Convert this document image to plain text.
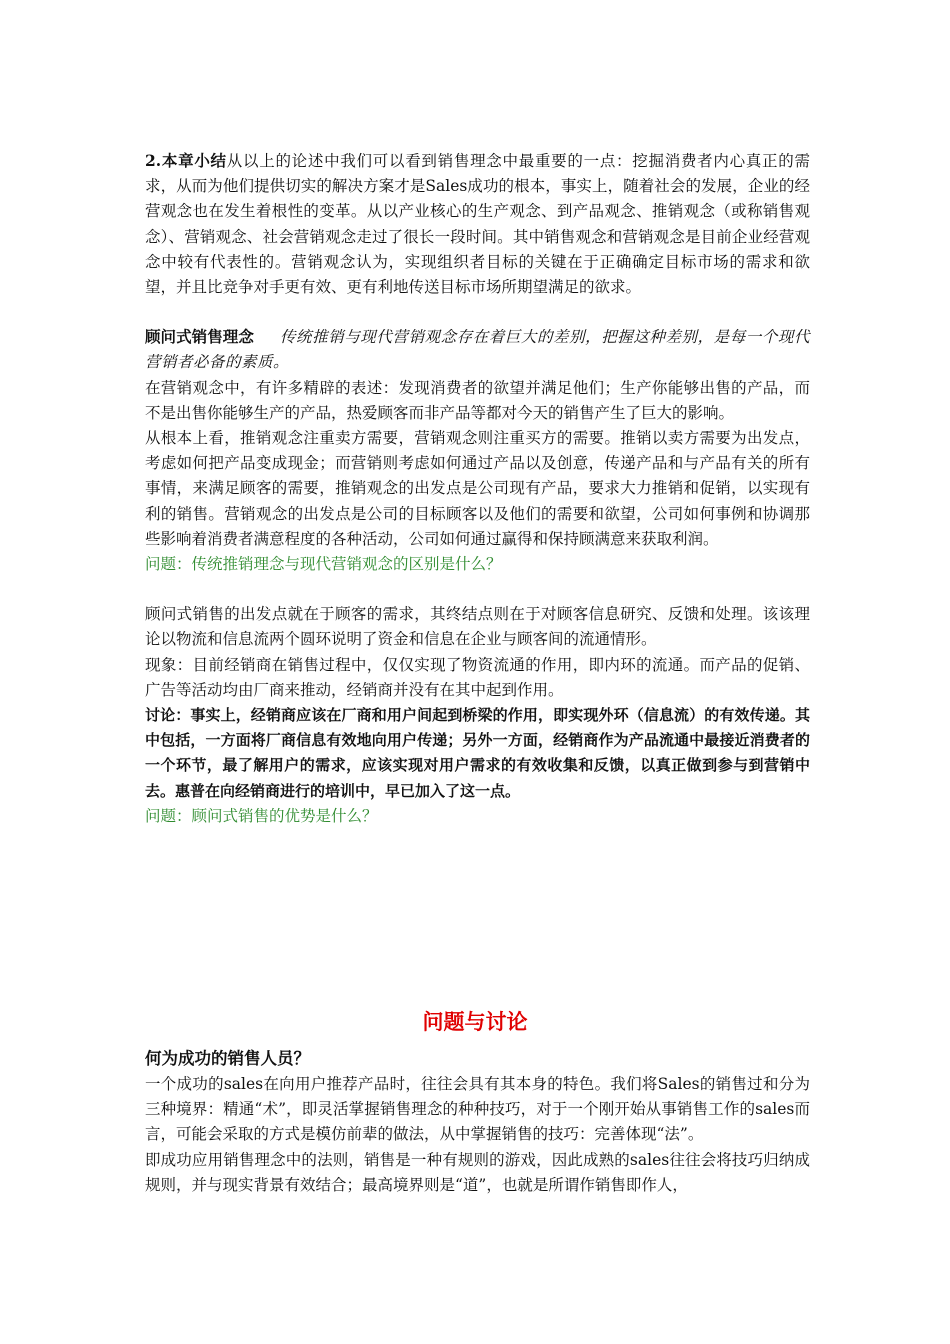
2.本章小结从以上的论述中我们可以看到销售理念中最重要的一点：挖掘消费者内心真正的需求，从而为他们提供切实的解决方案才是Sales成功的根本，事实上，随着社会的发展，企业的经营观念也在发生着根性的变革。从以产业核心的生产观念、到产品观念、推销观念（或称销售观念）、营销观念、社会营销观念走过了很长一段时间。其中销售观念和营销观念是目前企业经营观念中较有代表性的。营销观念认为，实现组织者目标的关键在于正确确定目标市场的需求和欲望，并且比竞争对手更有效、更有利地传送目标市场所期望满足的欲求。

顾问式销售理念 传统推销与现代营销观念存在着巨大的差别，把握这种差别，是每一个现代营销者必备的素质。

在营销观念中，有许多精辟的表述：发现消费者的欲望并满足他们；生产你能够出售的产品，而不是出售你能够生产的产品，热爱顾客而非产品等都对今天的销售产生了巨大的影响。

从根本上看，推销观念注重卖方需要，营销观念则注重买方的需要。推销以卖方需要为出发点，考虑如何把产品变成现金；而营销则考虑如何通过产品以及创意，传递产品和与产品有关的所有事情，来满足顾客的需要，推销观念的出发点是公司现有产品，要求大力推销和促销，以实现有利的销售。营销观念的出发点是公司的目标顾客以及他们的需要和欲望，公司如何事例和协调那些影响着消费者满意程度的各种活动，公司如何通过赢得和保持顾满意来获取利润。

问题：传统推销理念与现代营销观念的区别是什么？

顾问式销售的出发点就在于顾客的需求，其终结点则在于对顾客信息研究、反馈和处理。该该理论以物流和信息流两个圆环说明了资金和信息在企业与顾客间的流通情形。

现象：目前经销商在销售过程中，仅仅实现了物资流通的作用，即内环的流通。而产品的促销、广告等活动均由厂商来推动，经销商并没有在其中起到作用。

讨论：事实上，经销商应该在厂商和用户间起到桥梁的作用，即实现外环（信息流）的有效传递。其中包括，一方面将厂商信息有效地向用户传递；另外一方面，经销商作为产品流通中最接近消费者的一个环节，最了解用户的需求，应该实现对用户需求的有效收集和反馈，以真正做到参与到营销中去。惠普在向经销商进行的培训中，早已加入了这一点。

问题：顾问式销售的优势是什么？

问题与讨论

何为成功的销售人员？

一个成功的sales在向用户推荐产品时，往往会具有其本身的特色。我们将Sales的销售过和分为三种境界：精通“术”，即灵活掌握销售理念的种种技巧，对于一个刚开始从事销售工作的sales而言，可能会采取的方式是模仿前辈的做法，从中掌握销售的技巧：完善体现“法”。

即成功应用销售理念中的法则，销售是一种有规则的游戏，因此成熟的sales往往会将技巧归纳成规则，并与现实背景有效结合；最高境界则是“道”，也就是所谓作销售即作人，
